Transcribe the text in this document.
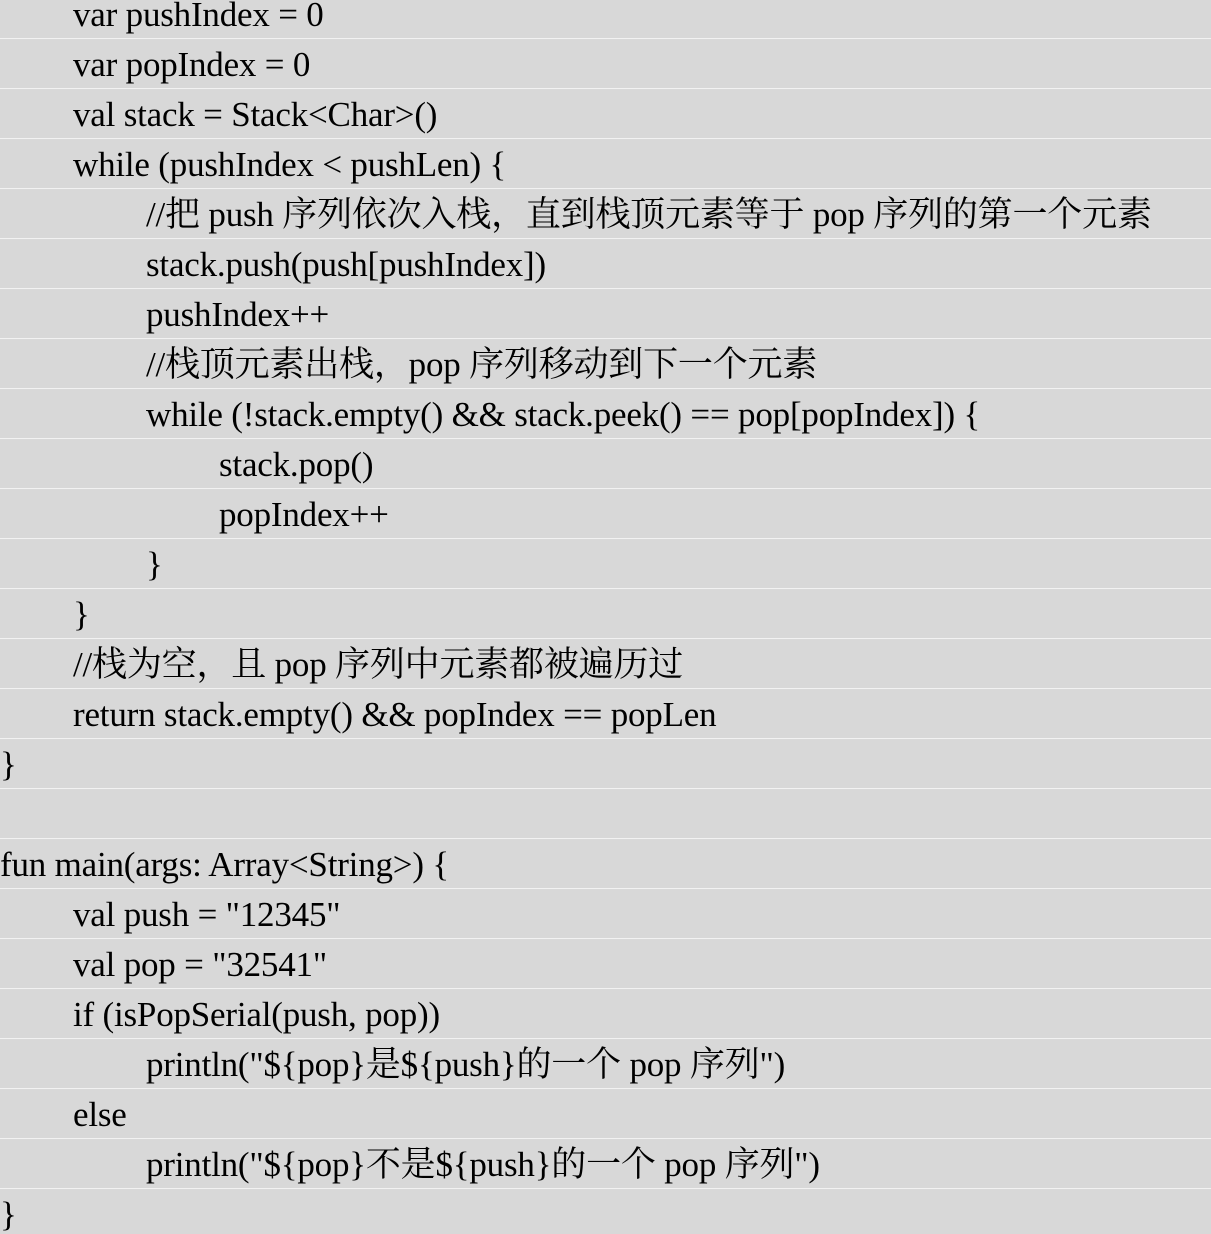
var pushIndex = 0
var popIndex = 0
val stack = Stack<Char>()
while (pushIndex < pushLen) {
//把 push 序列依次入栈，直到栈顶元素等于 pop 序列的第一个元素
stack.push(push[pushIndex])
pushIndex++
//栈顶元素出栈，pop 序列移动到下一个元素
while (!stack.empty() && stack.peek() == pop[popIndex]) {
stack.pop()
popIndex++
}
}
//栈为空，且 pop 序列中元素都被遍历过
return stack.empty() && popIndex == popLen
}
fun main(args: Array<String>) {
val push = "12345"
val pop = "32541"
if (isPopSerial(push, pop))
println("${pop}是${push}的一个 pop 序列")
else
println("${pop}不是${push}的一个 pop 序列")
}
